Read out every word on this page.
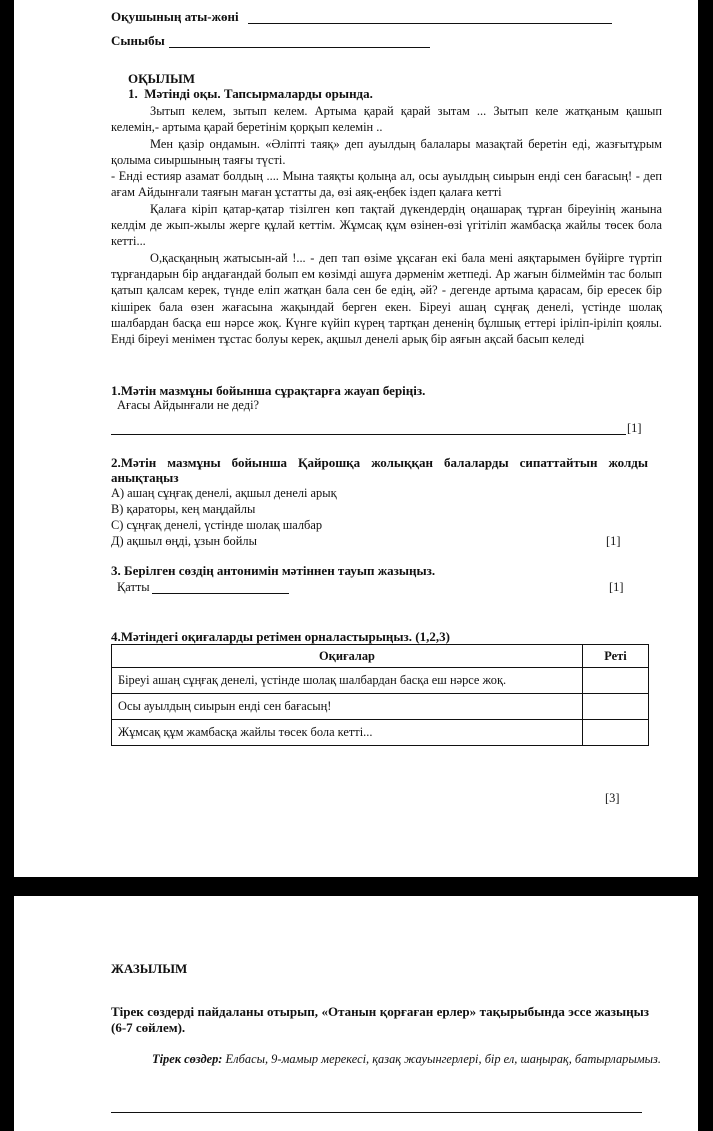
Оқушының аты-жөні
Сыныбы
ОҚЫЛЫМ
1. Мәтінді оқы. Тапсырмаларды орында.

Зытып келем, зытып келем. Артыма қарай қарай зытам ... Зытып келе жатқаным қашып келемін,- артыма қарай беретінім қорқып келемін ..

Мен қазір ондамын. «Әліпті таяқ» деп ауылдың балалары мазақтай беретін еді, жазғытұрым қолыма сиыршының таяғы түсті.

- Енді естияр азамат болдың .... Мына таяқты қолыңа ал, осы ауылдың сиырын енді сен бағасың! - деп ағам Айдынғали таяғын маған ұстатты да, өзі аяқ-еңбек іздеп қалаға кетті

Қалаға кіріп қатар-қатар тізілген көп тақтай дүкендердің оңашарақ тұрған біреуінің жанына келдім де жып-жылы жерге құлай кеттім. Жұмсақ құм өзінен-өзі үгітіліп жамбасқа жайлы төсек бола кетті...

О,қасқаңның жатысын-ай !... - деп тап өзіме ұқсаған екі бала мені аяқтарымен бүйірге түртіп тұрғандарын бір аңдағандай болып ем көзімді ашуға дәрменім жетпеді. Ар жағын білмеймін тас болып қатып қалсам керек, түнде еліп жатқан бала сен бе едің, әй? - дегенде артыма қарасам, бір ересек бір кішірек бала өзен жағасына жақындай берген екен. Біреуі ашаң сұңғақ денелі, үстінде шолақ шалбардан басқа еш нәрсе жоқ. Күнге күйіп күрең тартқан дененің бұлшық еттері іріліп-іріліп қоялы. Енді біреуі менімен тұстас болуы керек, ақшыл денелі арық бір аяғын ақсай басып келеді

1.Мәтін мазмұны бойынша сұрақтарға жауап беріңіз.
Ағасы Айдынғали не деді?
[1]
2.Мәтін мазмұны бойынша Қайрошқа жолыққан балаларды сипаттайтын жолды
анықтаңыз
А) ашаң сұңғақ денелі, ақшыл денелі арық
В) қараторы, кең маңдайлы
С) сұңғақ денелі, үстінде шолақ шалбар
Д) ақшыл өңді, ұзын бойлы	[1]
3. Берілген сөздің антонимін мәтіннен тауып жазыңыз.
Қатты	[1]
4.Мәтіндегі оқиғаларды ретімен орналастырыңыз. (1,2,3)
Оқиғалар	Реті
Біреуі ашаң сұңғақ денелі, үстінде шолақ шалбардан басқа еш нәрсе жоқ.	
Осы ауылдың сиырын енді сен бағасың!	
Жұмсақ құм жамбасқа жайлы төсек бола кетті...	
[3]
ЖАЗЫЛЫМ
Тірек сөздерді пайдаланы отырып, «Отанын қорғаған ерлер» тақырыбында эссе жазыңыз (6-7 сөйлем).
Тірек сөздер: Елбасы, 9-мамыр мерекесі, қазақ жауынгерлері, бір ел, шаңырақ, батырларымыз.
